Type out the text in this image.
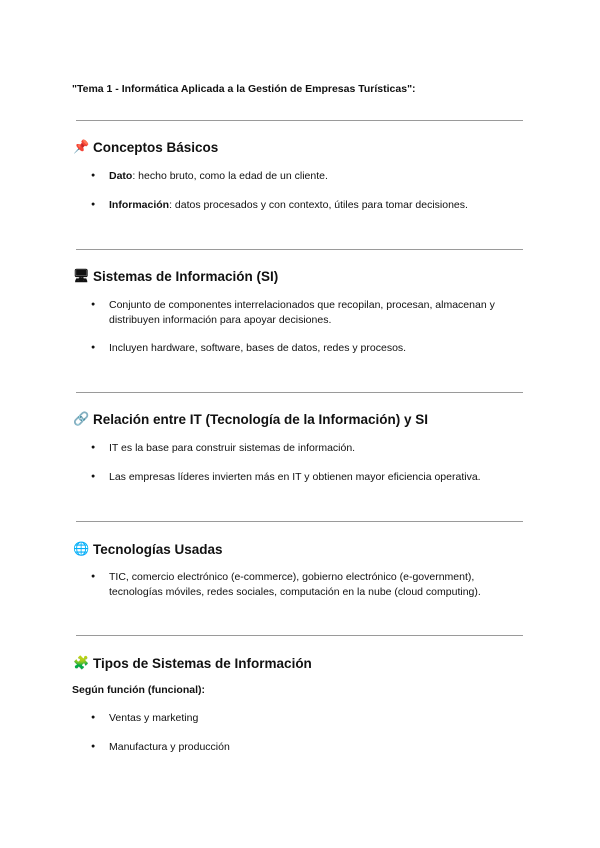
"Tema 1 - Informática Aplicada a la Gestión de Empresas Turísticas":
📌 Conceptos Básicos
● Dato: hecho bruto, como la edad de un cliente.
● Información: datos procesados y con contexto, útiles para tomar decisiones.
🖥 Sistemas de Información (SI)
● Conjunto de componentes interrelacionados que recopilan, procesan, almacenan y distribuyen información para apoyar decisiones.
● Incluyen hardware, software, bases de datos, redes y procesos.
🔗 Relación entre IT (Tecnología de la Información) y SI
● IT es la base para construir sistemas de información.
● Las empresas líderes invierten más en IT y obtienen mayor eficiencia operativa.
🌐 Tecnologías Usadas
● TIC, comercio electrónico (e-commerce), gobierno electrónico (e-government), tecnologías móviles, redes sociales, computación en la nube (cloud computing).
🧩 Tipos de Sistemas de Información
Según función (funcional):
● Ventas y marketing
● Manufactura y producción
